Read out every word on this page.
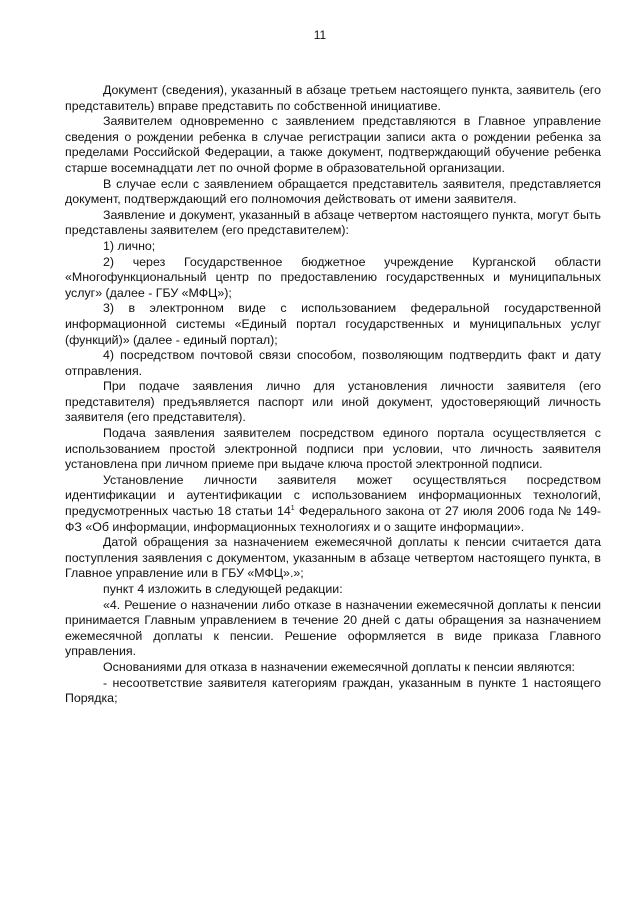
11

Документ (сведения), указанный в абзаце третьем настоящего пункта, заявитель (его представитель) вправе представить по собственной инициативе.

Заявителем одновременно с заявлением представляются в Главное управление сведения о рождении ребенка в случае регистрации записи акта о рождении ребенка за пределами Российской Федерации, а также документ, подтверждающий обучение ребенка старше восемнадцати лет по очной форме в образовательной организации.

В случае если с заявлением обращается представитель заявителя, представляется документ, подтверждающий его полномочия действовать от имени заявителя.

Заявление и документ, указанный в абзаце четвертом настоящего пункта, могут быть представлены заявителем (его представителем):

1) лично;

2) через Государственное бюджетное учреждение Курганской области «Многофункциональный центр по предоставлению государственных и муниципальных услуг» (далее - ГБУ «МФЦ»);

3) в электронном виде с использованием федеральной государственной информационной системы «Единый портал государственных и муниципальных услуг (функций)» (далее - единый портал);

4) посредством почтовой связи способом, позволяющим подтвердить факт и дату отправления.

При подаче заявления лично для установления личности заявителя (его представителя) предъявляется паспорт или иной документ, удостоверяющий личность заявителя (его представителя).

Подача заявления заявителем посредством единого портала осуществляется с использованием простой электронной подписи при условии, что личность заявителя установлена при личном приеме при выдаче ключа простой электронной подписи.

Установление личности заявителя может осуществляться посредством идентификации и аутентификации с использованием информационных технологий, предусмотренных частью 18 статьи $14^1$ Федерального закона от 27 июля 2006 года № 149-ФЗ «Об информации, информационных технологиях и о защите информации».

Датой обращения за назначением ежемесячной доплаты к пенсии считается дата поступления заявления с документом, указанным в абзаце четвертом настоящего пункта, в Главное управление или в ГБУ «МФЦ».»;

пункт 4 изложить в следующей редакции:

«4. Решение о назначении либо отказе в назначении ежемесячной доплаты к пенсии принимается Главным управлением в течение 20 дней с даты обращения за назначением ежемесячной доплаты к пенсии. Решение оформляется в виде приказа Главного управления.

Основаниями для отказа в назначении ежемесячной доплаты к пенсии являются:

- несоответствие заявителя категориям граждан, указанным в пункте 1 настоящего Порядка;
